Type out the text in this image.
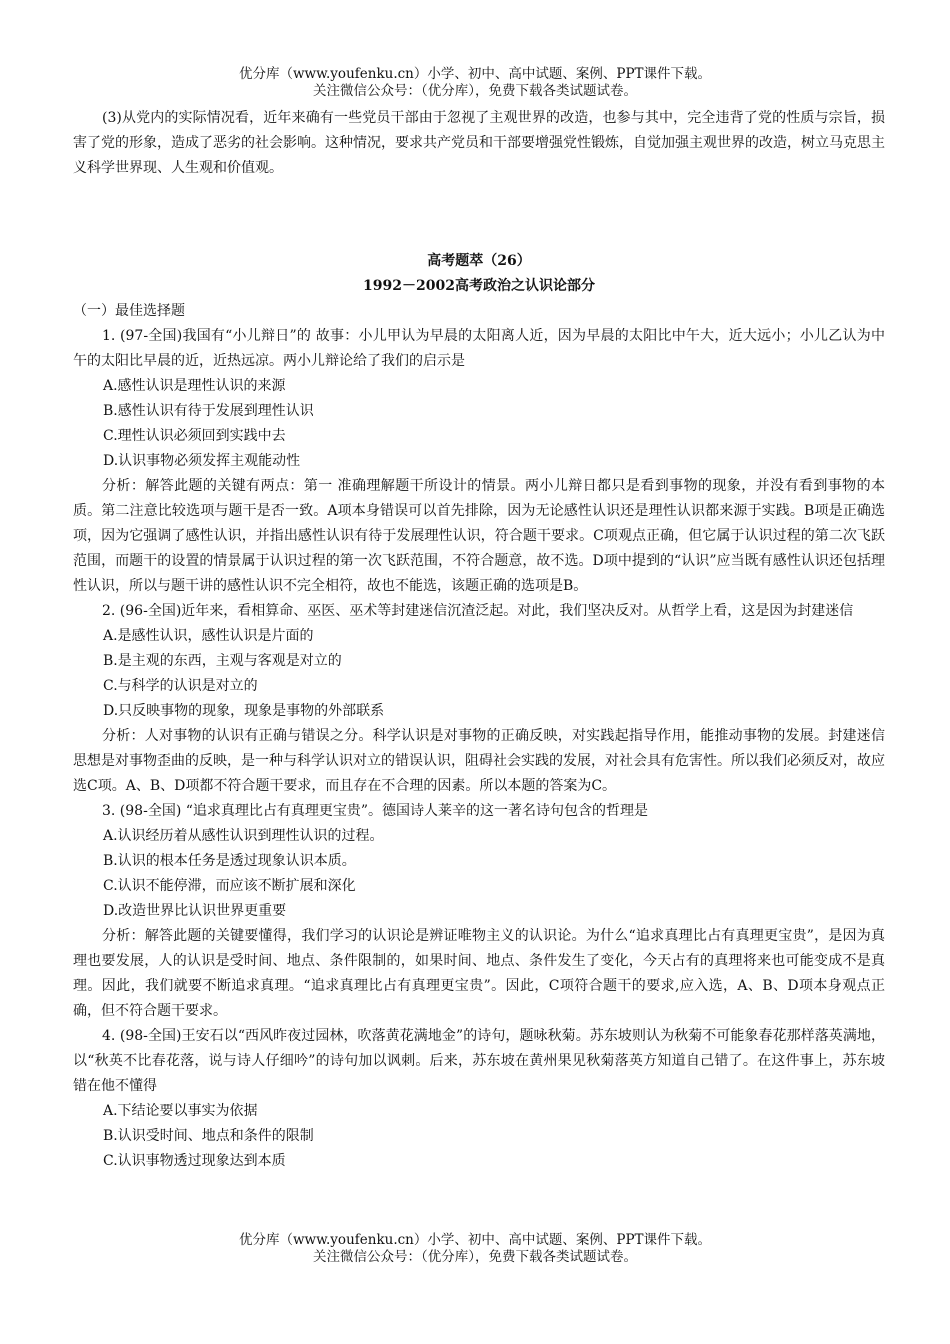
优分库（www.youfenku.cn）小学、初中、高中试题、案例、PPT课件下载。
关注微信公众号：（优分库），免费下载各类试题试卷。

(3)从党内的实际情况看，近年来确有一些党员干部由于忽视了主观世界的改造，也参与其中，完全违背了党的性质与宗旨，损害了党的形象，造成了恶劣的社会影响。这种情况，要求共产党员和干部要增强党性锻炼，自觉加强主观世界的改造，树立马克思主义科学世界现、人生观和价值观。

高考题萃（26）
1992－2002高考政治之认识论部分

（一）最佳选择题

1. (97-全国)我国有“小儿辩日”的 故事：小儿甲认为早晨的太阳离人近，因为早晨的太阳比中午大，近大远小；小儿乙认为中午的太阳比早晨的近，近热远凉。两小儿辩论给了我们的启示是

A.感性认识是理性认识的来源

B.感性认识有待于发展到理性认识

C.理性认识必须回到实践中去

D.认识事物必须发挥主观能动性

分析：解答此题的关键有两点：第一 准确理解题干所设计的情景。两小儿辩日都只是看到事物的现象，并没有看到事物的本质。第二注意比较选项与题干是否一致。A项本身错误可以首先排除，因为无论感性认识还是理性认识都来源于实践。B项是正确选项，因为它强调了感性认识，并指出感性认识有待于发展理性认识，符合题干要求。C项观点正确，但它属于认识过程的第二次飞跃范围，而题干的设置的情景属于认识过程的第一次飞跃范围，不符合题意，故不选。D项中提到的“认识”应当既有感性认识还包括理性认识，所以与题干讲的感性认识不完全相符，故也不能选，该题正确的选项是B。

2. (96-全国)近年来，看相算命、巫医、巫术等封建迷信沉渣泛起。对此，我们坚决反对。从哲学上看，这是因为封建迷信

A.是感性认识，感性认识是片面的

B.是主观的东西，主观与客观是对立的

C.与科学的认识是对立的

D.只反映事物的现象，现象是事物的外部联系

分析：人对事物的认识有正确与错误之分。科学认识是对事物的正确反映，对实践起指导作用，能推动事物的发展。封建迷信思想是对事物歪曲的反映，是一种与科学认识对立的错误认识，阻碍社会实践的发展，对社会具有危害性。所以我们必须反对，故应选C项。A、B、D项都不符合题干要求，而且存在不合理的因素。所以本题的答案为C。

3. (98-全国) “追求真理比占有真理更宝贵”。德国诗人莱辛的这一著名诗句包含的哲理是

A.认识经历着从感性认识到理性认识的过程。

B.认识的根本任务是透过现象认识本质。

C.认识不能停滞，而应该不断扩展和深化

D.改造世界比认识世界更重要

分析：解答此题的关键要懂得，我们学习的认识论是辨证唯物主义的认识论。为什么“追求真理比占有真理更宝贵”，是因为真理也要发展，人的认识是受时间、地点、条件限制的，如果时间、地点、条件发生了变化，今天占有的真理将来也可能变成不是真理。因此，我们就要不断追求真理。“追求真理比占有真理更宝贵”。因此，C项符合题干的要求,应入选，A、B、D项本身观点正确，但不符合题干要求。

4. (98-全国)王安石以“西风昨夜过园林，吹落黄花满地金”的诗句，题咏秋菊。苏东坡则认为秋菊不可能象春花那样落英满地，以“秋英不比春花落，说与诗人仔细吟”的诗句加以讽刺。后来，苏东坡在黄州果见秋菊落英方知道自己错了。在这件事上，苏东坡错在他不懂得

A.下结论要以事实为依据

B.认识受时间、地点和条件的限制

C.认识事物透过现象达到本质

优分库（www.youfenku.cn）小学、初中、高中试题、案例、PPT课件下载。
关注微信公众号：（优分库），免费下载各类试题试卷。
